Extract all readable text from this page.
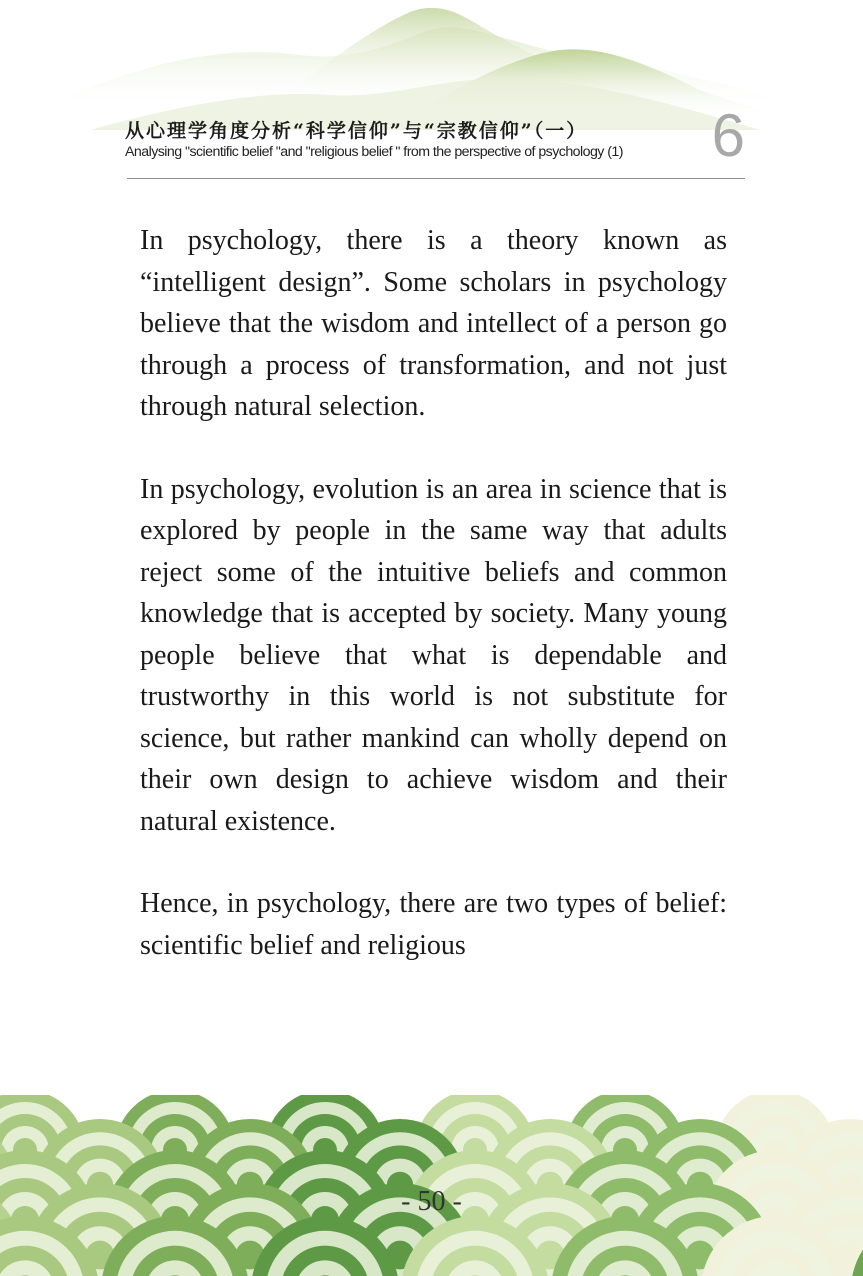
从心理学角度分析“科学信仰”与“宗教信仰”（一）
Analysing "scientific belief "and "religious belief " from the perspective of psychology (1) 6

In psychology, there is a theory known as “intelligent design”. Some scholars in psychology believe that the wisdom and intellect of a person go through a process of transformation, and not just through natural selection.

In psychology, evolution is an area in science that is explored by people in the same way that adults reject some of the intuitive beliefs and common knowledge that is accepted by society. Many young people believe that what is dependable and trustworthy in this world is not substitute for science, but rather mankind can wholly depend on their own design to achieve wisdom and their natural existence.

Hence, in psychology, there are two types of belief: scientific belief and religious

- 50 -
